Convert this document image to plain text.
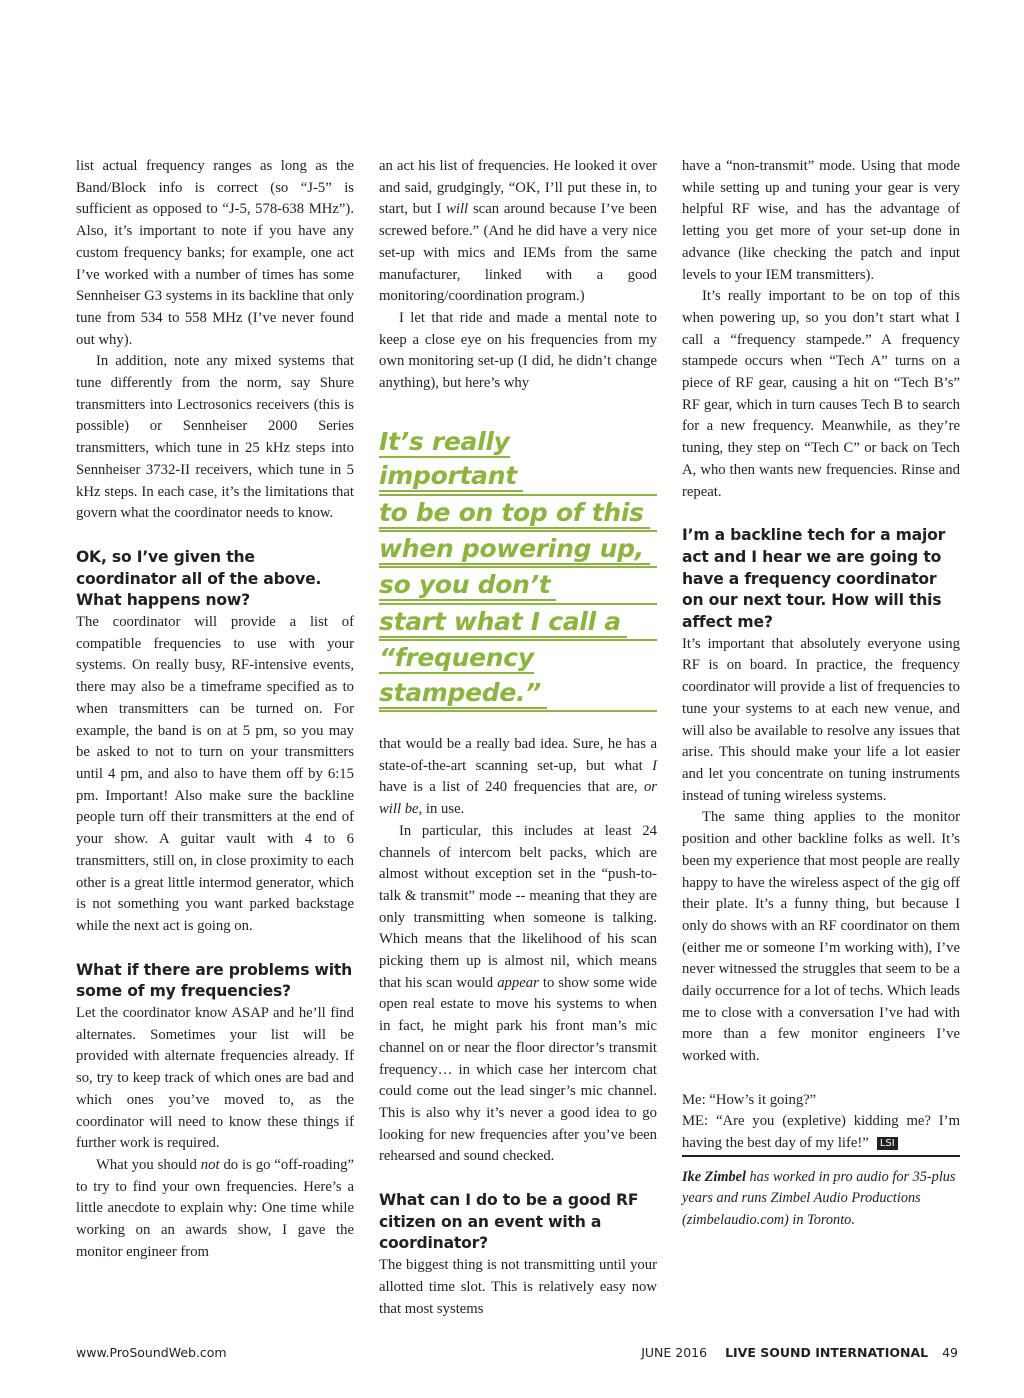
list actual frequency ranges as long as the Band/Block info is correct (so “J-5” is sufficient as opposed to “J-5, 578-638 MHz”). Also, it’s important to note if you have any custom frequency banks; for example, one act I’ve worked with a number of times has some Sennheiser G3 systems in its backline that only tune from 534 to 558 MHz (I’ve never found out why).

In addition, note any mixed systems that tune differently from the norm, say Shure transmitters into Lectrosonics receivers (this is possible) or Sennheiser 2000 Series transmitters, which tune in 25 kHz steps into Sennheiser 3732-II receivers, which tune in 5 kHz steps. In each case, it’s the limitations that govern what the coordinator needs to know.

OK, so I’ve given the coordinator all of the above. What happens now?

The coordinator will provide a list of compatible frequencies to use with your systems. On really busy, RF-intensive events, there may also be a timeframe specified as to when transmitters can be turned on. For example, the band is on at 5 pm, so you may be asked to not to turn on your transmitters until 4 pm, and also to have them off by 6:15 pm. Important! Also make sure the backline people turn off their transmitters at the end of your show. A guitar vault with 4 to 6 transmitters, still on, in close proximity to each other is a great little intermod generator, which is not something you want parked backstage while the next act is going on.

What if there are problems with some of my frequencies?

Let the coordinator know ASAP and he’ll find alternates. Sometimes your list will be provided with alternate frequencies already. If so, try to keep track of which ones are bad and which ones you’ve moved to, as the coordinator will need to know these things if further work is required.

What you should not do is go “off-roading” to try to find your own frequencies. Here’s a little anecdote to explain why: One time while working on an awards show, I gave the monitor engineer from

an act his list of frequencies. He looked it over and said, grudgingly, “OK, I’ll put these in, to start, but I will scan around because I’ve been screwed before.” (And he did have a very nice set-up with mics and IEMs from the same manufacturer, linked with a good monitoring/coordination program.)

I let that ride and made a mental note to keep a close eye on his frequencies from my own monitoring set-up (I did, he didn’t change anything), but here’s why

It’s really important
to be on top of this
when powering up,
so you don’t
start what I call a
“frequency stampede.”

that would be a really bad idea. Sure, he has a state-of-the-art scanning set-up, but what I have is a list of 240 frequencies that are, or will be, in use.

In particular, this includes at least 24 channels of intercom belt packs, which are almost without exception set in the “push-to-talk & transmit” mode -- meaning that they are only transmitting when someone is talking. Which means that the likelihood of his scan picking them up is almost nil, which means that his scan would appear to show some wide open real estate to move his systems to when in fact, he might park his front man’s mic channel on or near the floor director’s transmit frequency… in which case her intercom chat could come out the lead singer’s mic channel. This is also why it’s never a good idea to go looking for new frequencies after you’ve been rehearsed and sound checked.

What can I do to be a good RF citizen on an event with a coordinator?

The biggest thing is not transmitting until your allotted time slot. This is relatively easy now that most systems

have a “non-transmit” mode. Using that mode while setting up and tuning your gear is very helpful RF wise, and has the advantage of letting you get more of your set-up done in advance (like checking the patch and input levels to your IEM transmitters).

It’s really important to be on top of this when powering up, so you don’t start what I call a “frequency stampede.” A frequency stampede occurs when “Tech A” turns on a piece of RF gear, causing a hit on “Tech B’s” RF gear, which in turn causes Tech B to search for a new frequency. Meanwhile, as they’re tuning, they step on “Tech C” or back on Tech A, who then wants new frequencies. Rinse and repeat.

I’m a backline tech for a major act and I hear we are going to have a frequency coordinator on our next tour. How will this affect me?

It’s important that absolutely everyone using RF is on board. In practice, the frequency coordinator will provide a list of frequencies to tune your systems to at each new venue, and will also be available to resolve any issues that arise. This should make your life a lot easier and let you concentrate on tuning instruments instead of tuning wireless systems.

The same thing applies to the monitor position and other backline folks as well. It’s been my experience that most people are really happy to have the wireless aspect of the gig off their plate. It’s a funny thing, but because I only do shows with an RF coordinator on them (either me or someone I’m working with), I’ve never witnessed the struggles that seem to be a daily occurrence for a lot of techs. Which leads me to close with a conversation I’ve had with more than a few monitor engineers I’ve worked with.

Me: “How’s it going?”

ME: “Are you (expletive) kidding me? I’m having the best day of my life!” LSI

Ike Zimbel has worked in pro audio for 35-plus years and runs Zimbel Audio Productions (zimbelaudio.com) in Toronto.

www.ProSoundWeb.com	JUNE 2016 LIVE SOUND INTERNATIONAL 49
